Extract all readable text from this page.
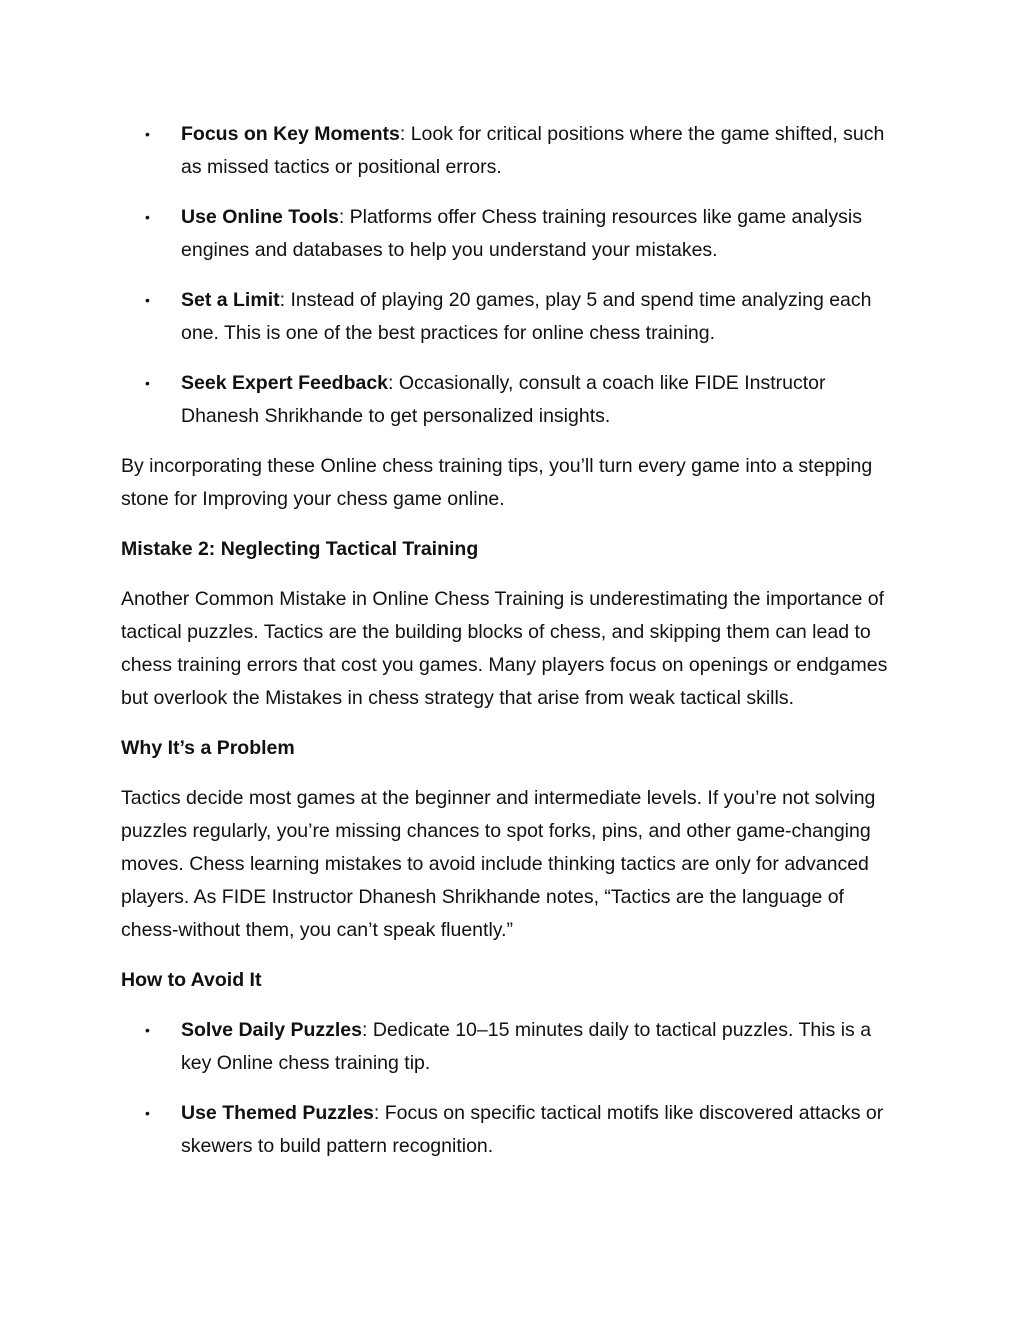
• Focus on Key Moments: Look for critical positions where the game shifted, such as missed tactics or positional errors.
• Use Online Tools: Platforms offer Chess training resources like game analysis engines and databases to help you understand your mistakes.
• Set a Limit: Instead of playing 20 games, play 5 and spend time analyzing each one. This is one of the best practices for online chess training.
• Seek Expert Feedback: Occasionally, consult a coach like FIDE Instructor Dhanesh Shrikhande to get personalized insights.

By incorporating these Online chess training tips, you’ll turn every game into a stepping stone for Improving your chess game online.

Mistake 2: Neglecting Tactical Training

Another Common Mistake in Online Chess Training is underestimating the importance of tactical puzzles. Tactics are the building blocks of chess, and skipping them can lead to chess training errors that cost you games. Many players focus on openings or endgames but overlook the Mistakes in chess strategy that arise from weak tactical skills.

Why It’s a Problem

Tactics decide most games at the beginner and intermediate levels. If you’re not solving puzzles regularly, you’re missing chances to spot forks, pins, and other game-changing moves. Chess learning mistakes to avoid include thinking tactics are only for advanced players. As FIDE Instructor Dhanesh Shrikhande notes, “Tactics are the language of chess-without them, you can’t speak fluently.”

How to Avoid It
• Solve Daily Puzzles: Dedicate 10–15 minutes daily to tactical puzzles. This is a key Online chess training tip.
• Use Themed Puzzles: Focus on specific tactical motifs like discovered attacks or skewers to build pattern recognition.
